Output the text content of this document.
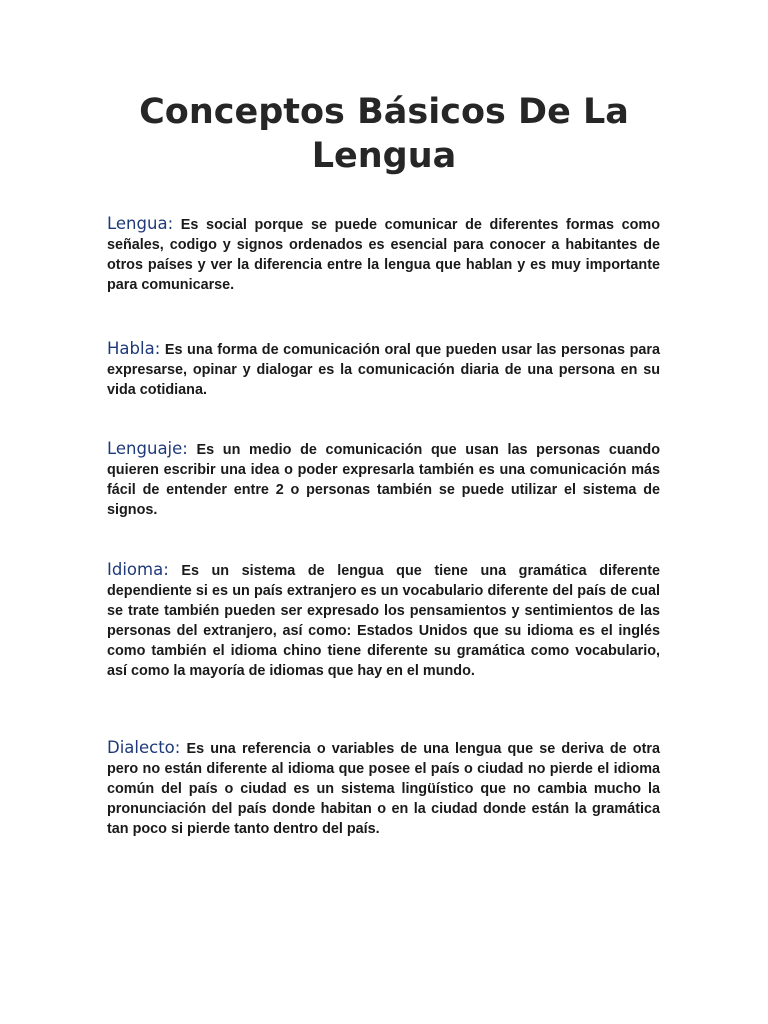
Conceptos Básicos De La Lengua

Lengua: Es social porque se puede comunicar de diferentes formas como señales, codigo y signos ordenados es esencial para conocer a habitantes de otros países y ver la diferencia entre la lengua que hablan y es muy importante para comunicarse.

Habla: Es una forma de comunicación oral que pueden usar las personas para expresarse, opinar y dialogar es la comunicación diaria de una persona en su vida cotidiana.

Lenguaje: Es un medio de comunicación que usan las personas cuando quieren escribir una idea o poder expresarla también es una comunicación más fácil de entender entre 2 o personas también se puede utilizar el sistema de signos.

Idioma: Es un sistema de lengua que tiene una gramática diferente dependiente si es un país extranjero es un vocabulario diferente del país de cual se trate también pueden ser expresado los pensamientos y sentimientos de las personas del extranjero, así como: Estados Unidos que su idioma es el inglés como también el idioma chino tiene diferente su gramática como vocabulario, así como la mayoría de idiomas que hay en el mundo.

Dialecto: Es una referencia o variables de una lengua que se deriva de otra pero no están diferente al idioma que posee el país o ciudad no pierde el idioma común del país o ciudad es un sistema lingüístico que no cambia mucho la pronunciación del país donde habitan o en la ciudad donde están la gramática tan poco si pierde tanto dentro del país.
